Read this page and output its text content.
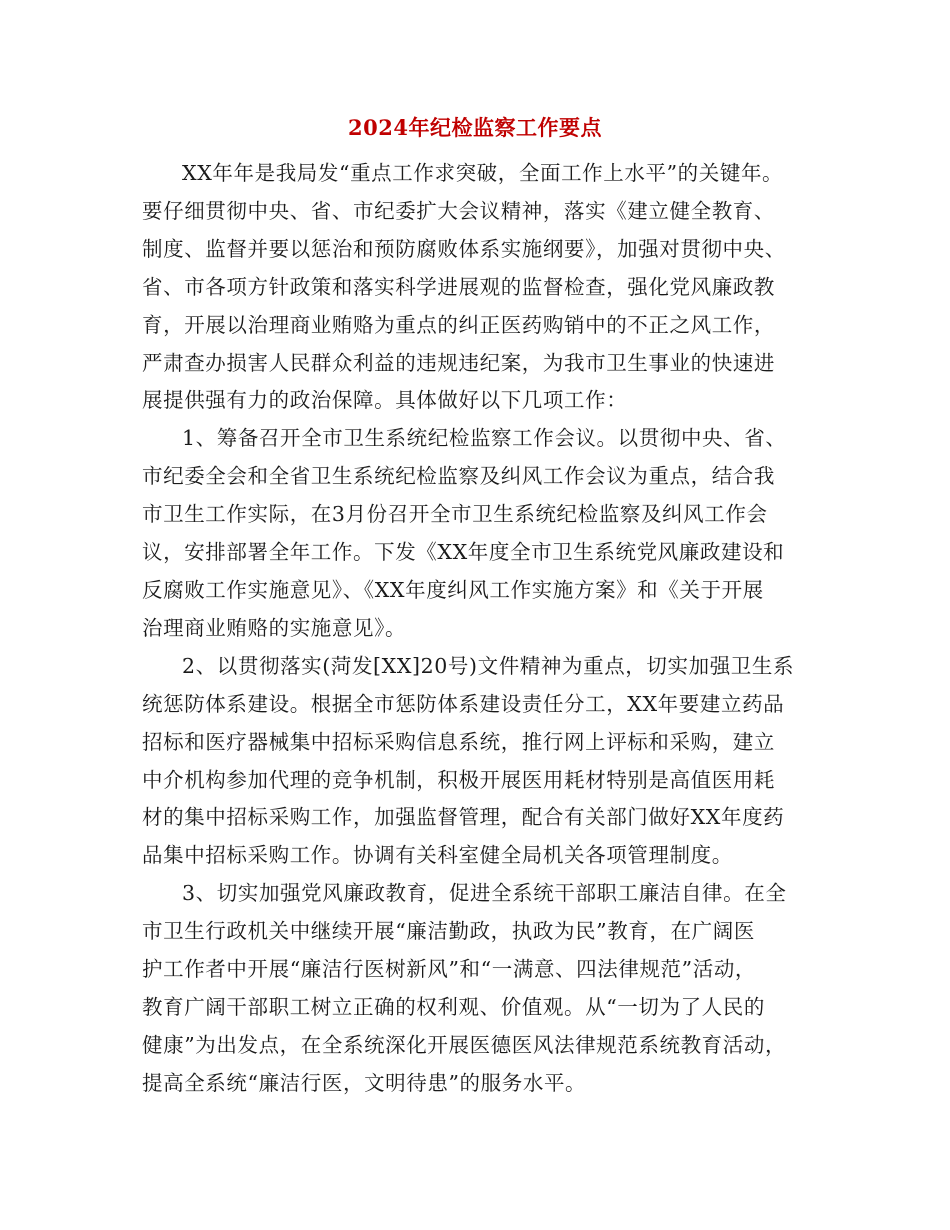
2024年纪检监察工作要点

XX年年是我局发“重点工作求突破，全面工作上水平”的关键年。
要仔细贯彻中央、省、市纪委扩大会议精神，落实《建立健全教育、
制度、监督并要以惩治和预防腐败体系实施纲要》，加强对贯彻中央、
省、市各项方针政策和落实科学进展观的监督检查，强化党风廉政教
育，开展以治理商业贿赂为重点的纠正医药购销中的不正之风工作，
严肃查办损害人民群众利益的违规违纪案，为我市卫生事业的快速进
展提供强有力的政治保障。具体做好以下几项工作：

1、筹备召开全市卫生系统纪检监察工作会议。以贯彻中央、省、
市纪委全会和全省卫生系统纪检监察及纠风工作会议为重点，结合我
市卫生工作实际，在3月份召开全市卫生系统纪检监察及纠风工作会
议，安排部署全年工作。下发《XX年度全市卫生系统党风廉政建设和
反腐败工作实施意见》、《XX年度纠风工作实施方案》和《关于开展
治理商业贿赂的实施意见》。

2、以贯彻落实(菏发[XX]20号)文件精神为重点，切实加强卫生系
统惩防体系建设。根据全市惩防体系建设责任分工，XX年要建立药品
招标和医疗器械集中招标采购信息系统，推行网上评标和采购，建立
中介机构参加代理的竞争机制，积极开展医用耗材特别是高值医用耗
材的集中招标采购工作，加强监督管理，配合有关部门做好XX年度药
品集中招标采购工作。协调有关科室健全局机关各项管理制度。

3、切实加强党风廉政教育，促进全系统干部职工廉洁自律。在全
市卫生行政机关中继续开展“廉洁勤政，执政为民”教育，在广阔医
护工作者中开展“廉洁行医树新风”和“一满意、四法律规范”活动，
教育广阔干部职工树立正确的权利观、价值观。从“一切为了人民的
健康”为出发点，在全系统深化开展医德医风法律规范系统教育活动，
提高全系统“廉洁行医，文明待患”的服务水平。
